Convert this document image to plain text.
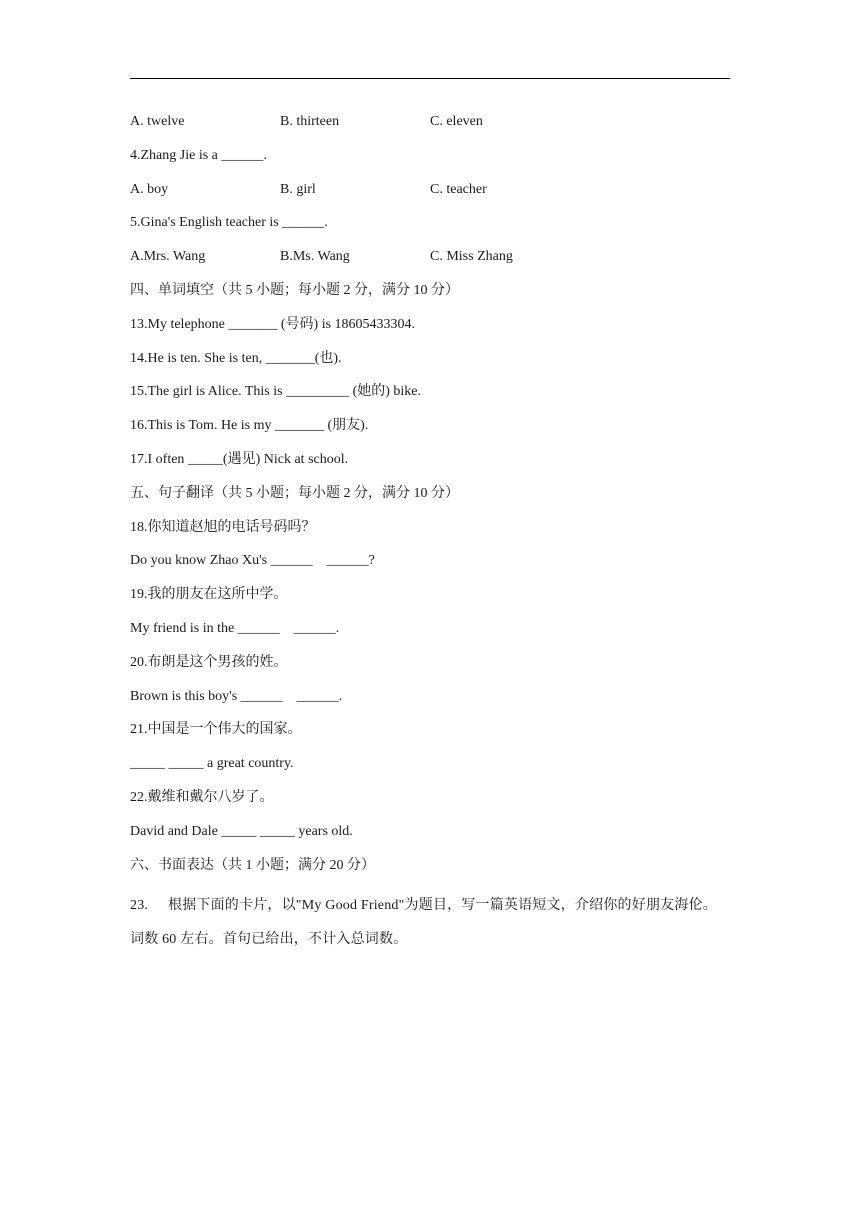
A. twelve	B. thirteen	C. eleven
4.Zhang Jie is a ______.
A. boy	B. girl	C. teacher
5.Gina's English teacher is ______.
A.Mrs. Wang	B.Ms. Wang	C. Miss Zhang
四、单词填空（共 5 小题；每小题 2 分，满分 10 分）
13.My telephone _______ (号码) is 18605433304.
14.He is ten. She is ten, _______(也).
15.The girl is Alice. This is _________ (她的) bike.
16.This is Tom. He is my _______ (朋友).
17.I often _____(遇见) Nick at school.
五、句子翻译（共 5 小题；每小题 2 分，满分 10 分）
18.你知道赵旭的电话号码吗？
Do you know Zhao Xu's ______    ______?
19.我的朋友在这所中学。
My friend is in the ______    ______.
20.布朗是这个男孩的姓。
Brown is this boy's ______    ______.
21.中国是一个伟大的国家。
_____ _____ a great country.
22.戴维和戴尔八岁了。
David and Dale _____ _____ years old.
六、书面表达（共 1 小题；满分 20 分）
23. 根据下面的卡片，以"My Good Friend"为题目，写一篇英语短文，介绍你的好朋友海伦。词数 60 左右。首句已给出，不计入总词数。
